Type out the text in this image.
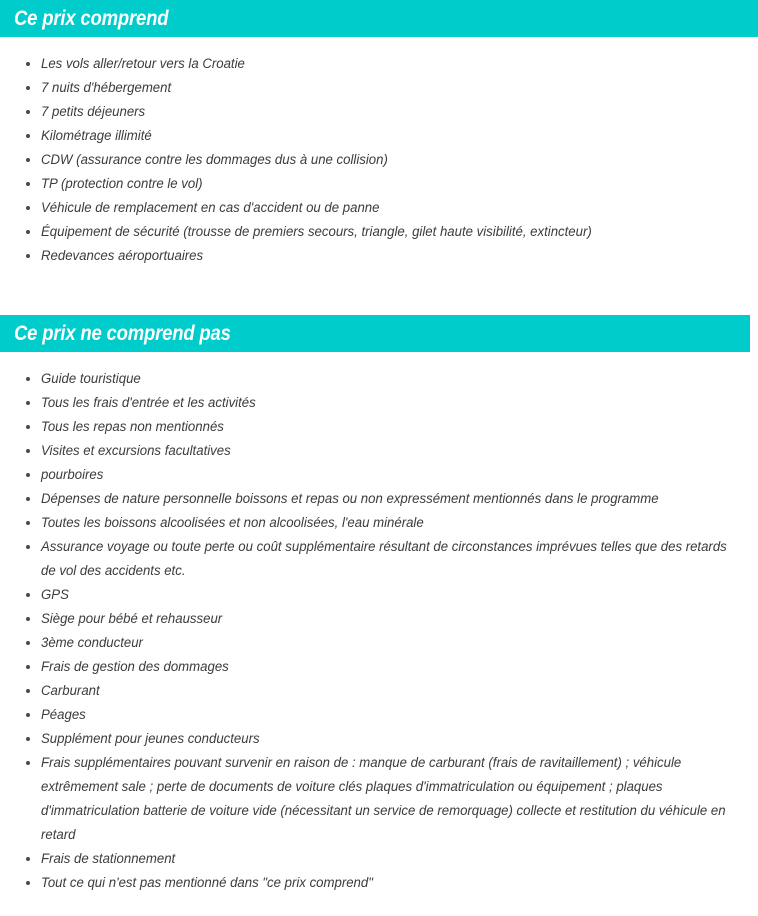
Ce prix comprend
Les vols aller/retour vers la Croatie
7 nuits d'hébergement
7 petits déjeuners
Kilométrage illimité
CDW (assurance contre les dommages dus à une collision)
TP (protection contre le vol)
Véhicule de remplacement en cas d'accident ou de panne
Équipement de sécurité (trousse de premiers secours, triangle, gilet haute visibilité, extincteur)
Redevances aéroportuaires
Ce prix ne comprend pas
Guide touristique
Tous les frais d'entrée et les activités
Tous les repas non mentionnés
Visites et excursions facultatives
pourboires
Dépenses de nature personnelle boissons et repas ou non expressément mentionnés dans le programme
Toutes les boissons alcoolisées et non alcoolisées, l'eau minérale
Assurance voyage ou toute perte ou coût supplémentaire résultant de circonstances imprévues telles que des retards de vol des accidents etc.
GPS
Siège pour bébé et rehausseur
3ème conducteur
Frais de gestion des dommages
Carburant
Péages
Supplément pour jeunes conducteurs
Frais supplémentaires pouvant survenir en raison de : manque de carburant (frais de ravitaillement) ; véhicule extrêmement sale ; perte de documents de voiture clés plaques d'immatriculation ou équipement ; plaques d'immatriculation batterie de voiture vide (nécessitant un service de remorquage) collecte et restitution du véhicule en retard
Frais de stationnement
Tout ce qui n'est pas mentionné dans "ce prix comprend"
